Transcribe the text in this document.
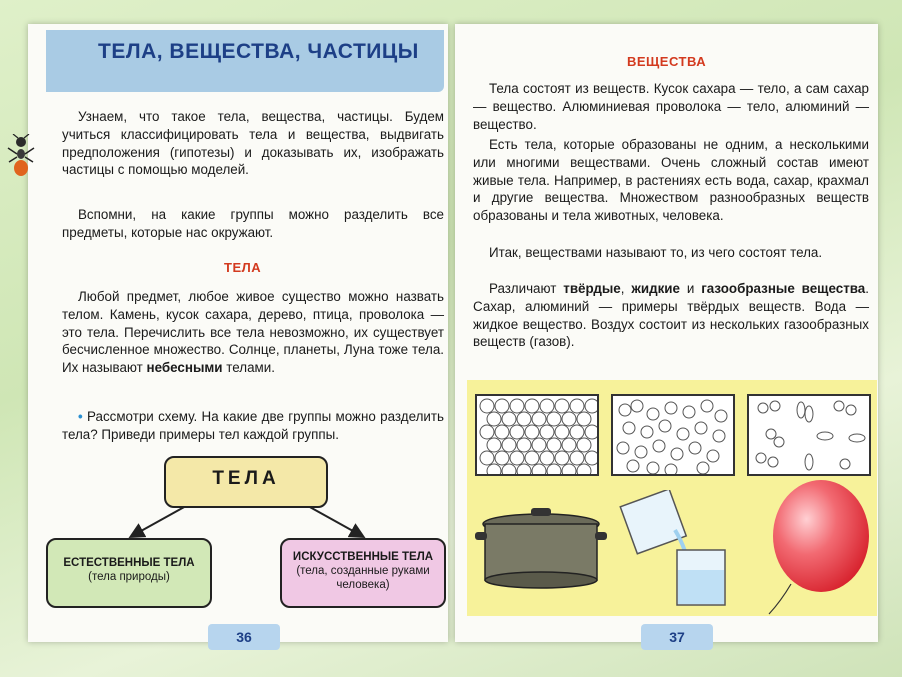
ТЕЛА, ВЕЩЕСТВА, ЧАСТИЦЫ

Узнаем, что такое тела, вещества, частицы. Будем учиться классифицировать тела и вещества, выдвигать предположения (гипотезы) и доказывать их, изображать частицы с помощью моделей.

Вспомни, на какие группы можно разделить все предметы, которые нас окружают.

ТЕЛА

Любой предмет, любое живое существо можно назвать телом. Камень, кусок сахара, дерево, птица, проволока — это тела. Перечислить все тела невозможно, их существует бесчисленное множество. Солнце, планеты, Луна тоже тела. Их называют небесными телами.

• Рассмотри схему. На какие две группы можно разделить тела? Приведи примеры тел каждой группы.

ТЕЛА
ЕСТЕСТВЕННЫЕ ТЕЛА
(тела природы)
ИСКУССТВЕННЫЕ ТЕЛА
(тела, созданные руками человека)
36
ВЕЩЕСТВА

Тела состоят из веществ. Кусок сахара — тело, а сам сахар — вещество. Алюминиевая проволока — тело, алюминий — вещество.

Есть тела, которые образованы не одним, а несколькими или многими веществами. Очень сложный состав имеют живые тела. Например, в растениях есть вода, сахар, крахмал и другие вещества. Множеством разнообразных веществ образованы и тела животных, человека.

Итак, веществами называют то, из чего состоят тела.

Различают твёрдые, жидкие и газообразные вещества. Сахар, алюминий — примеры твёрдых веществ. Вода — жидкое вещество. Воздух состоит из нескольких газообразных веществ (газов).

37
